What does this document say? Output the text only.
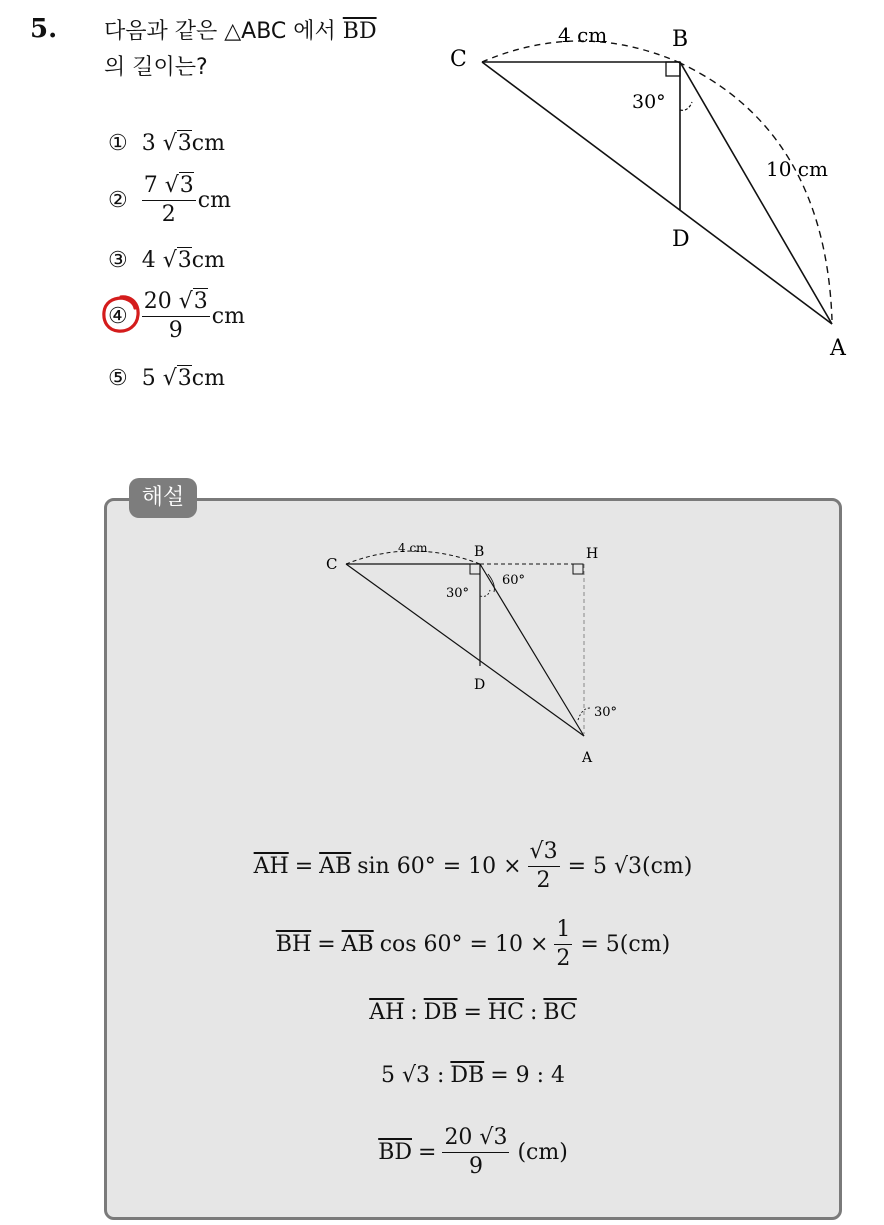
5. 다음과 같은 △ABC 에서 $\overline{BD}$
의 길이는?
① 3 √3cm
② $\frac{7 √3}{2}$ cm
③ 4 √3cm
④ $\frac{20 √3}{9}$ cm
⑤ 5 √3cm
C
B
D
A
4 cm
10 cm
30°
해설
C
B	H
D
A
4 cm
30°
60°
30°
$\overline{AH} = \overline{AB}$ $\sin 60^\circ = 10 \times \frac{√3}{2} = 5$ √3(cm)
$\overline{BH} = \overline{AB}$ $\cos 60^\circ = 10 \times \frac{1}{2} = 5(cm)$
$\overline{AH}$ : $\overline{DB} = \overline{HC}$ : $\overline{BC}$
5 √3 : $\overline{DB} = 9$ : 4
$\overline{BD} = \frac{20 √3}{9} (cm)$
